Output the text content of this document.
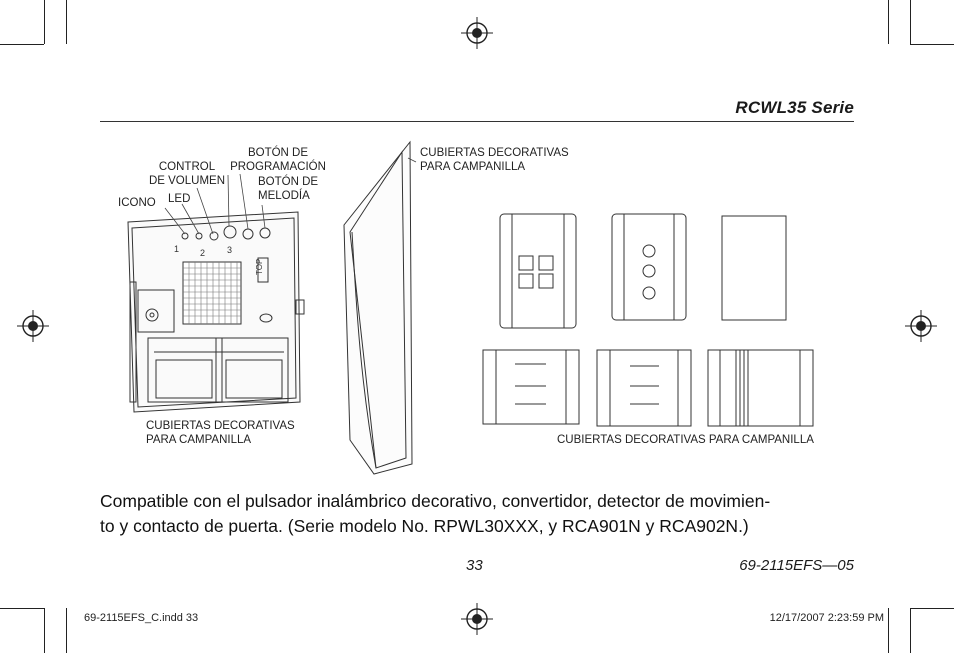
RCWL35 Serie
1 2 3
TOP
BOTÓN DE
PROGRAMACIÓN
CONTROL
DE VOLUMEN	BOTÓN DE
MELODÍA
ICONO LED
CUBIERTAS DECORATIVAS
PARA CAMPANILLA
CUBIERTAS DECORATIVAS
PARA CAMPANILLA	CUBIERTAS DECORATIVAS PARA CAMPANILLA
Compatible con el pulsador inalámbrico decorativo, convertidor, detector de movimien-
to y contacto de puerta. (Serie modelo No. RPWL30XXX, y RCA901N y RCA902N.)
33	69-2115EFS—05
69-2115EFS_C.indd 33	12/17/2007 2:23:59 PM
